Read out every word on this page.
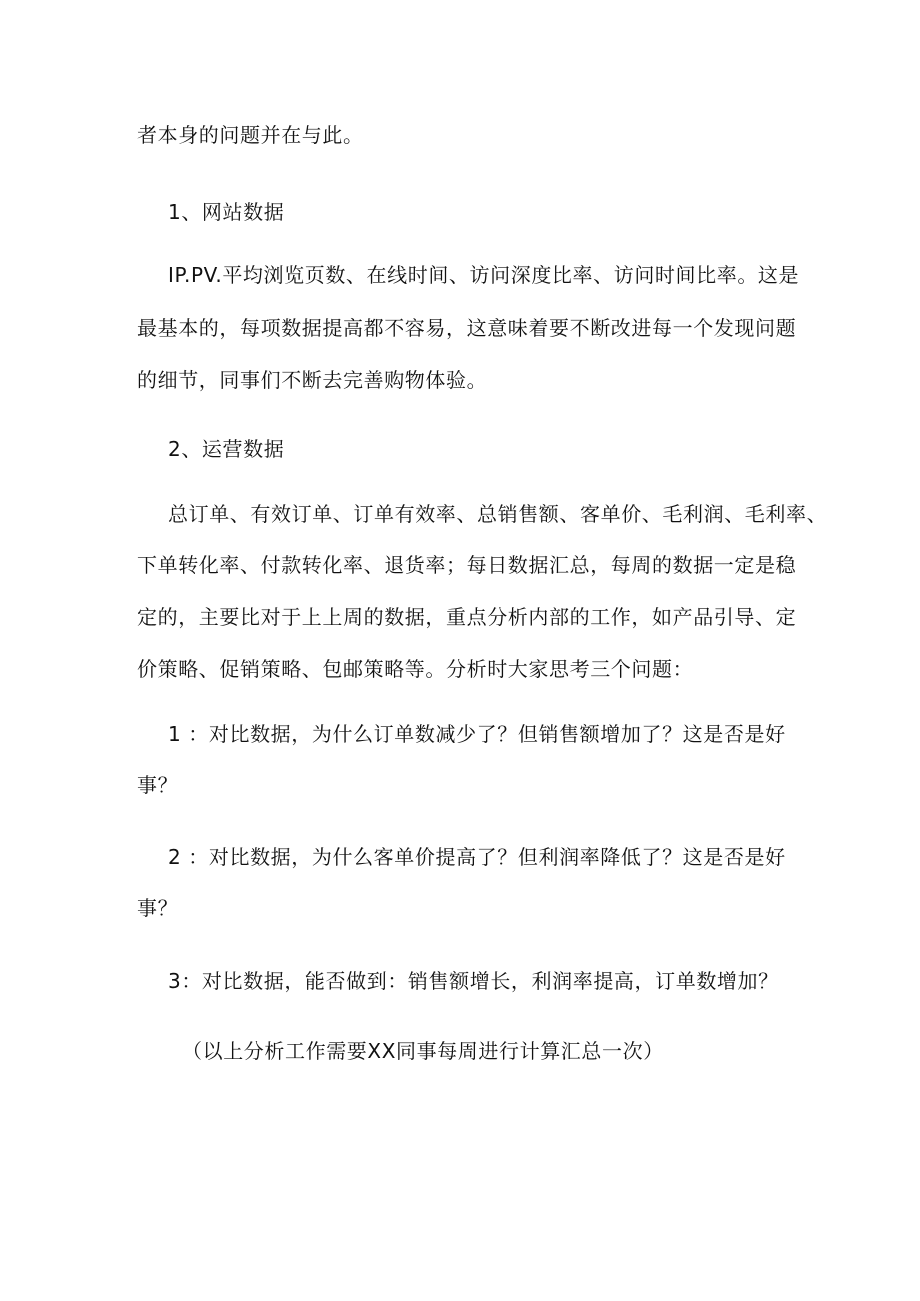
者本身的问题并在与此。
1、网站数据
IP.PV.平均浏览页数、在线时间、访问深度比率、访问时间比率。这是
最基本的，每项数据提高都不容易，这意味着要不断改进每一个发现问题
的细节，同事们不断去完善购物体验。
2、运营数据
总订单、有效订单、订单有效率、总销售额、客单价、毛利润、毛利率、
下单转化率、付款转化率、退货率；每日数据汇总，每周的数据一定是稳
定的，主要比对于上上周的数据，重点分析内部的工作，如产品引导、定
价策略、促销策略、包邮策略等。分析时大家思考三个问题：
1 ：对比数据，为什么订单数减少了？但销售额增加了？这是否是好
事？
2 ：对比数据，为什么客单价提高了？但利润率降低了？这是否是好
事？
3：对比数据，能否做到：销售额增长，利润率提高，订单数增加？
（以上分析工作需要XX同事每周进行计算汇总一次）
